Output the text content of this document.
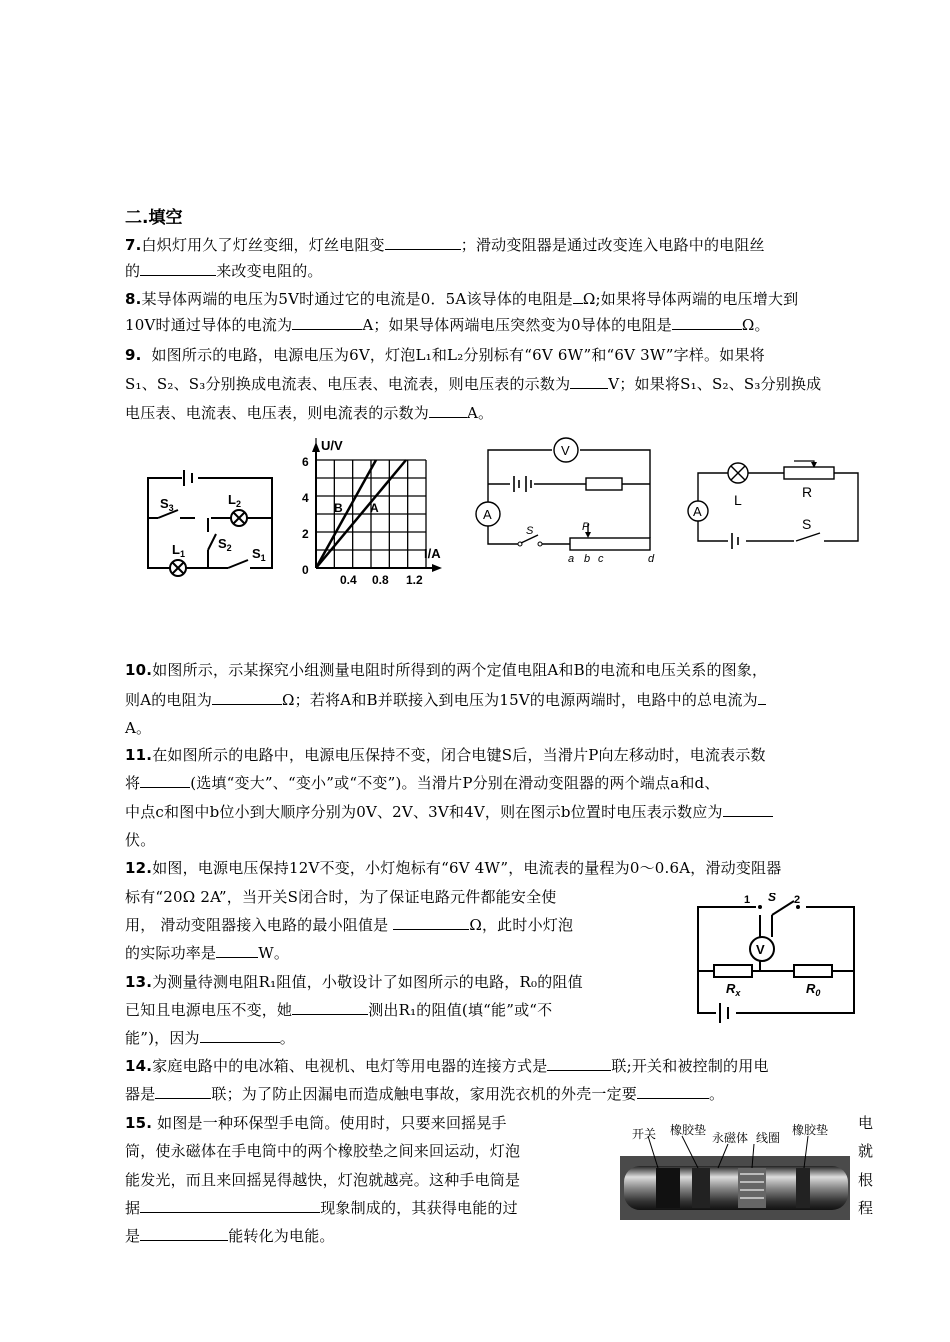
二.填空
7.白炽灯用久了灯丝变细，灯丝电阻变	；滑动变阻器是通过改变连入电路中的电阻丝
的	来改变电阻的。
8.某导体两端的电压为5V时通过它的电流是0．5A该导体的电阻是 Ω;如果将导体两端的电压增大到
10V时通过导体的电流为	A；如果导体两端电压突然变为0导体的电阻是	Ω。
9. 如图所示的电路，电源电压为6V，灯泡L₁和L₂分别标有“6V 6W”和“6V 3W”字样。如果将
S₁、S₂、S₃分别换成电流表、电压表、电流表，则电压表的示数为	V；如果将S₁、S₂、S₃分别换成
电压表、电流表、电压表，则电流表的示数为	A。
$S_3$
$L_2$
$L_1$
$S_2$ $S_1$
U/V
I/A
6
4
2
0
0.4 0.8 1.2
B A
V
A
S	P
a b c	d
A
L	R
S
10.如图所示，示某探究小组测量电阻时所得到的两个定值电阻A和B的电流和电压关系的图象，
则A的电阻为	Ω；若将A和B并联接入到电压为15V的电源两端时，电路中的总电流为
A。
11.在如图所示的电路中，电源电压保持不变，闭合电键S后，当滑片P向左移动时，电流表示数
将	(选填“变大”、“变小”或“不变”)。当滑片P分别在滑动变阻器的两个端点a和d、
中点c和图中b位小到大顺序分别为0V、2V、3V和4V，则在图示b位置时电压表示数应为
伏。
12.如图，电源电压保持12V不变，小灯炮标有“6V 4W”，电流表的量程为0～0.6A，滑动变阻器
标有“20Ω 2A”，当开关S闭合时，为了保证电路元件都能安全使
用， 滑动变阻器接入电路的最小阻值是	Ω，此时小灯泡
的实际功率是	W。
1 S 2
V
$R_x$	$R_0$
13.为测量待测电阻R₁阻值，小敬设计了如图所示的电路，R₀的阻值
已知且电源电压不变，她	测出R₁的阻值(填“能”或“不
能”)，因为	。
14.家庭电路中的电冰箱、电视机、电灯等用电器的连接方式是	联;开关和被控制的用电
器是	联；为了防止因漏电而造成触电事故，家用洗衣机的外壳一定要	。
15. 如图是一种环保型手电筒。使用时，只要来回摇晃手
筒，使永磁体在手电筒中的两个橡胶垫之间来回运动，灯泡
能发光，而且来回摇晃得越快，灯泡就越亮。这种手电筒是
据	现象制成的，其获得电能的过
是	能转化为电能。
电
就
根
程
开关 橡胶垫
永磁体 线圈
橡胶垫
